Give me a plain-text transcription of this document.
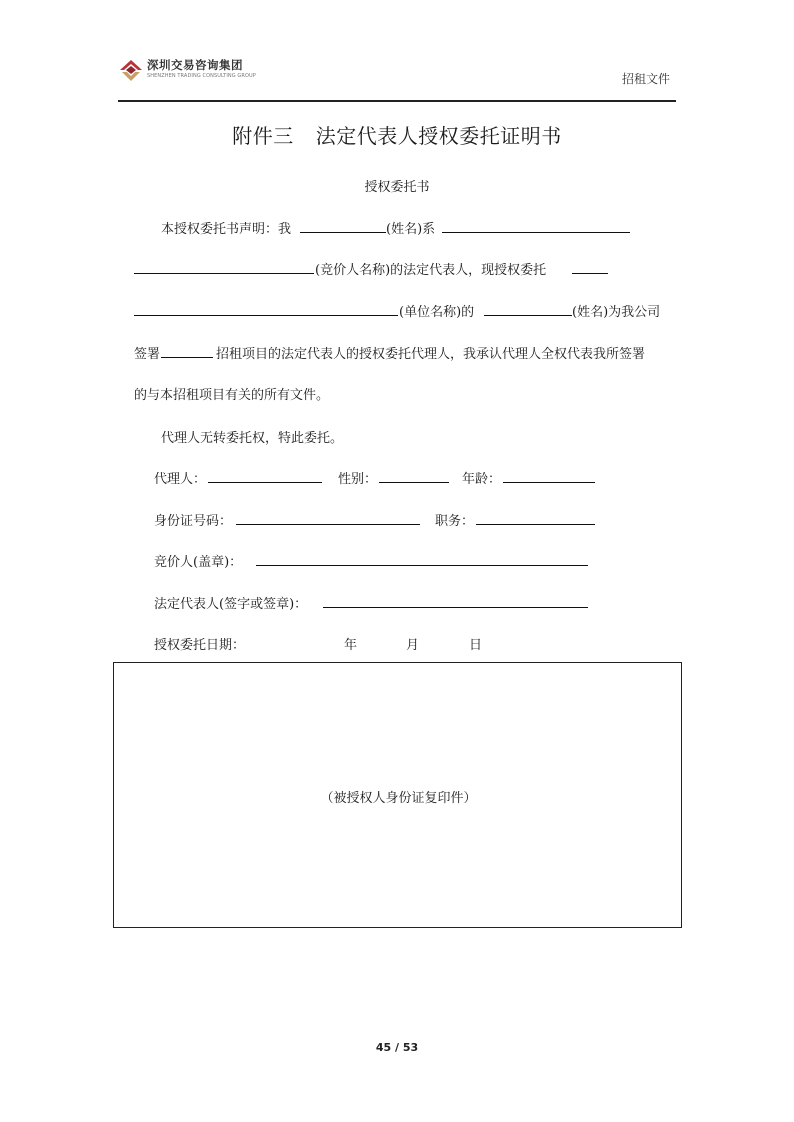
深圳交易咨询集团
SHENZHEN TRADING CONSULTING GROUP	招租文件
附件三 法定代表人授权委托证明书
授权委托书
本授权委托书声明：我	(姓名)系
(竞价人名称)的法定代表人，现授权委托
(单位名称)的	(姓名)为我公司
签署	招租项目的法定代表人的授权委托代理人，我承认代理人全权代表我所签署
的与本招租项目有关的所有文件。
代理人无转委托权，特此委托。
代理人：	性别：	年龄：
身份证号码：	职务：
竞价人(盖章)：
法定代表人(签字或签章)：
授权委托日期：	年	月	日
（被授权人身份证复印件）
45 / 53
